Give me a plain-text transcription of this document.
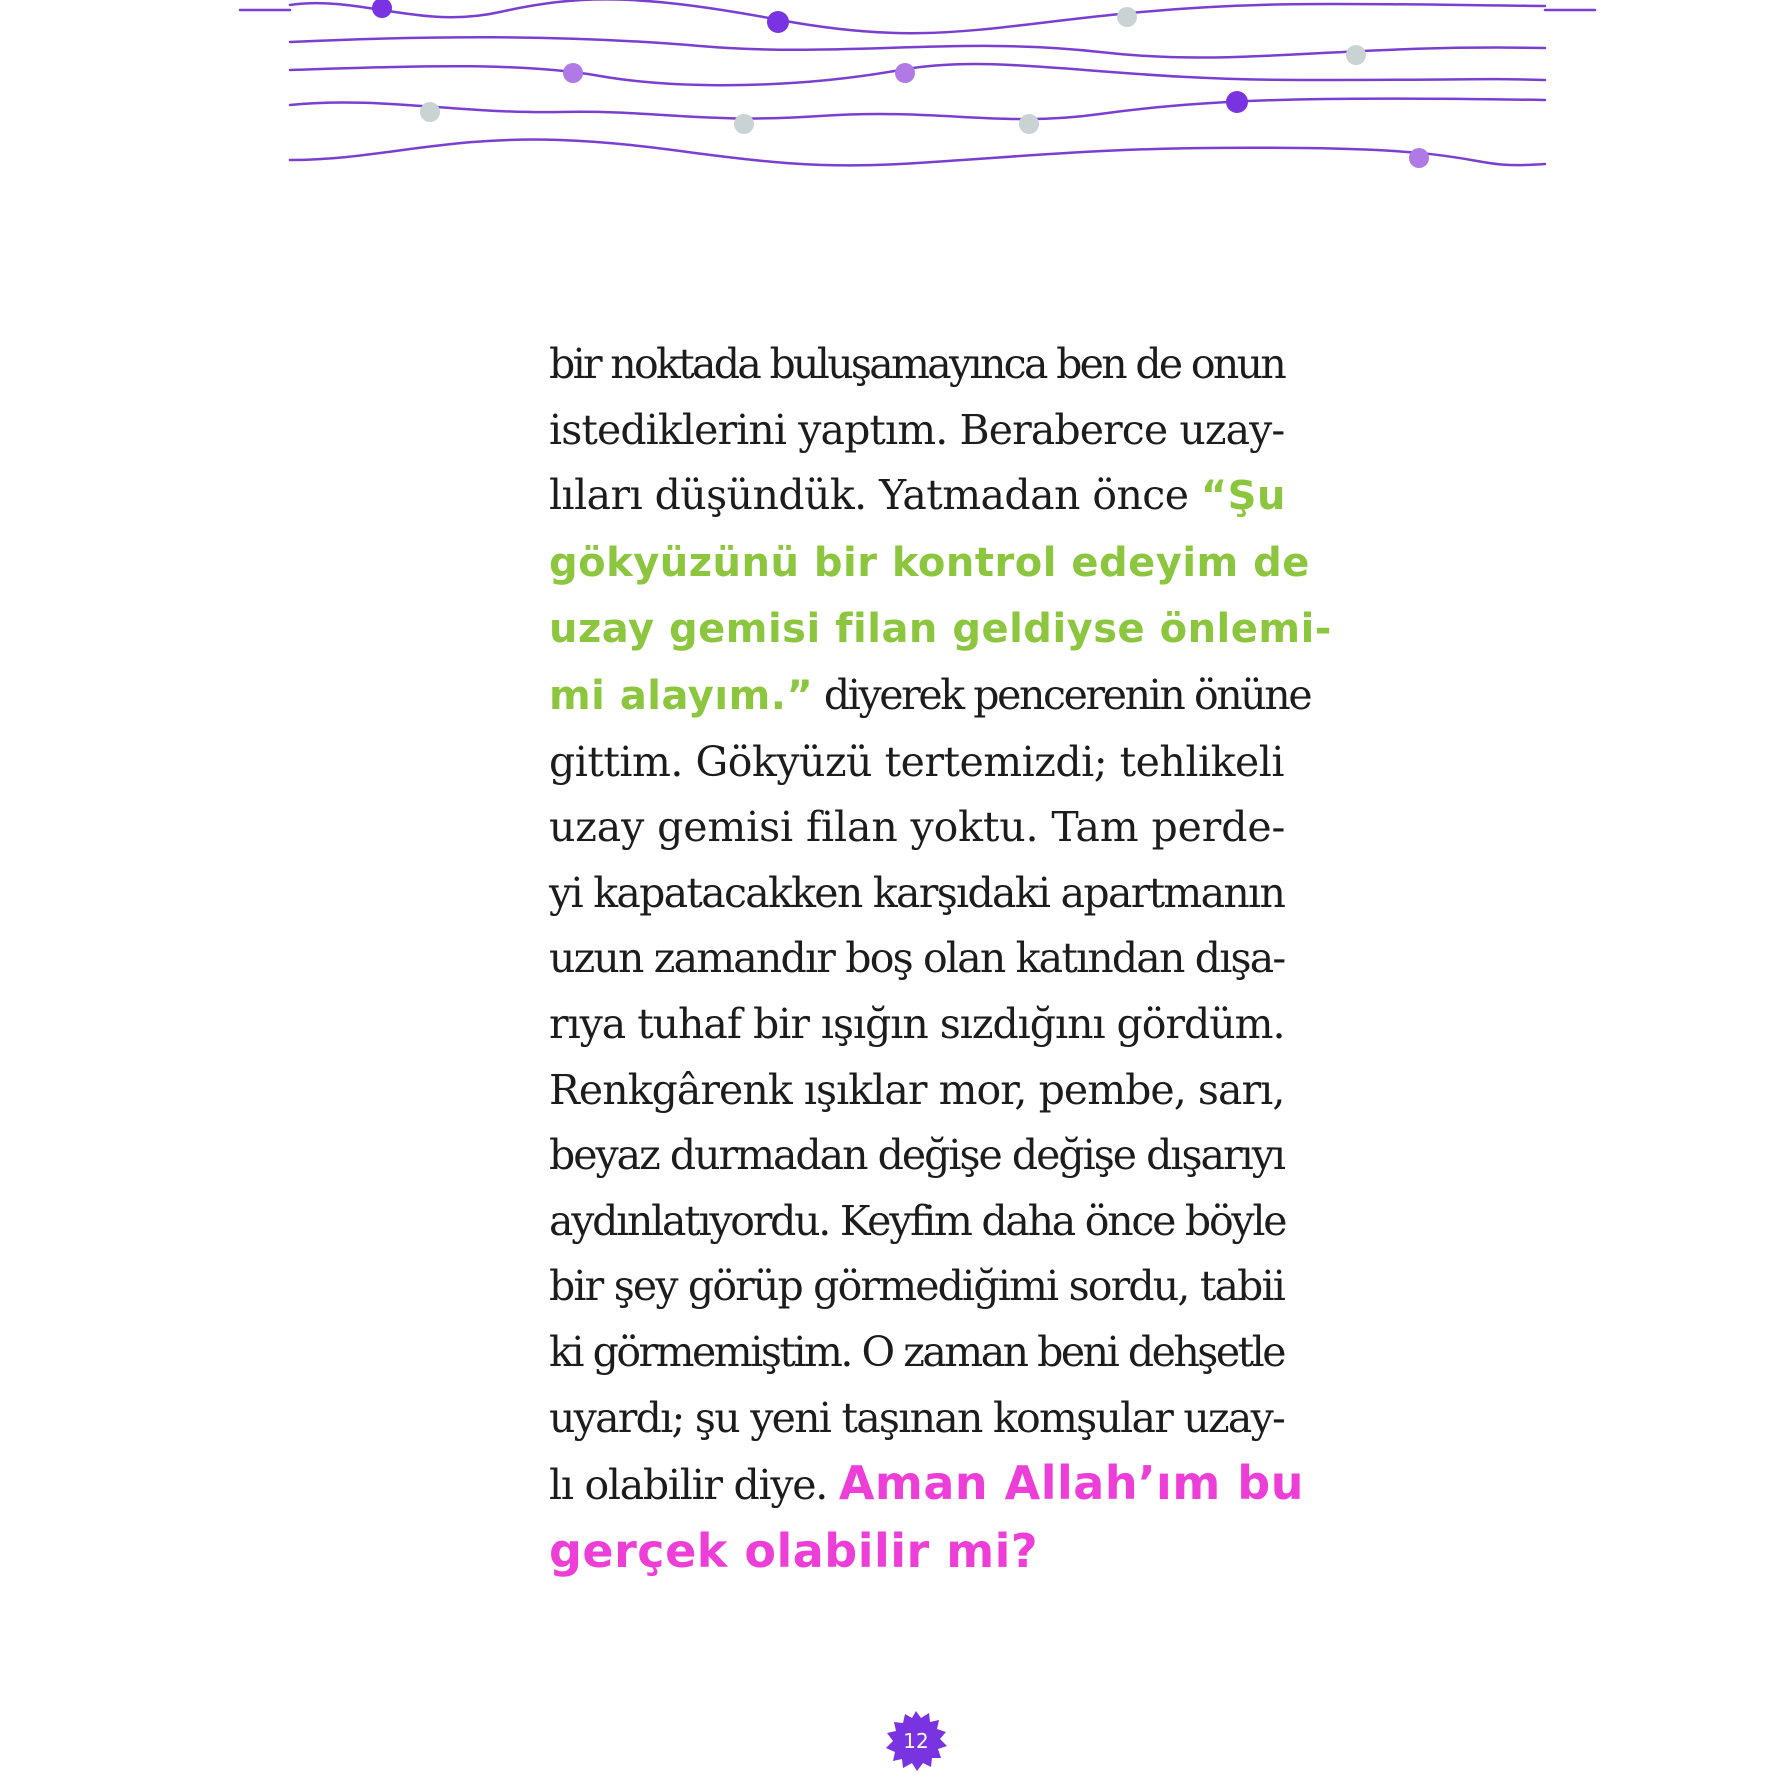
bir noktada buluşamayınca ben de onun
istediklerini yaptım. Beraberce uzay-
lıları düşündük. Yatmadan önce “Şu
gökyüzünü bir kontrol edeyim de
uzay gemisi filan geldiyse önlemi-
mi alayım.” diyerek pencerenin önüne
gittim. Gökyüzü tertemizdi; tehlikeli
uzay gemisi filan yoktu. Tam perde-
yi kapatacakken karşıdaki apartmanın
uzun zamandır boş olan katından dışa-
rıya tuhaf bir ışığın sızdığını gördüm.
Renkgârenk ışıklar mor, pembe, sarı,
beyaz durmadan değişe değişe dışarıyı
aydınlatıyordu. Keyfim daha önce böyle
bir şey görüp görmediğimi sordu, tabii
ki görmemiştim. O zaman beni dehşetle
uyardı; şu yeni taşınan komşular uzay-
lı olabilir diye. Aman Allah’ım bu
gerçek olabilir mi?
12
